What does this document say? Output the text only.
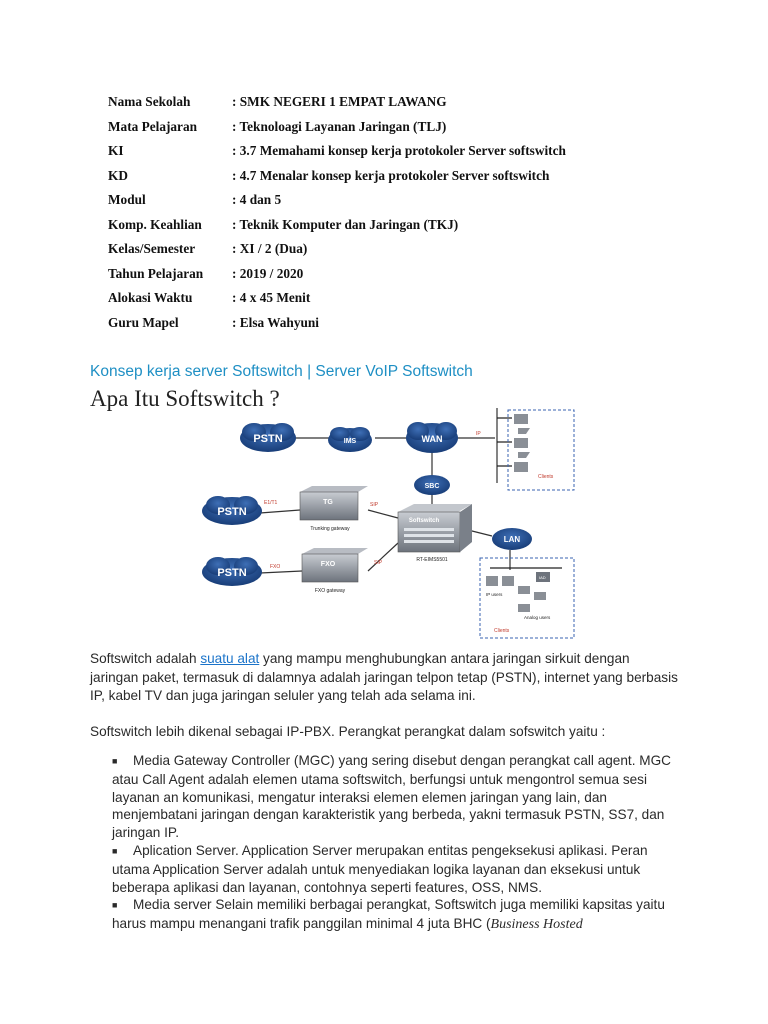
Nama Sekolah	: SMK NEGERI 1 EMPAT LAWANG
Mata Pelajaran	: Teknoloagi Layanan Jaringan (TLJ)
KI	: 3.7 Memahami konsep kerja protokoler Server softswitch
KD	: 4.7 Menalar konsep kerja protokoler Server softswitch
Modul	: 4 dan 5
Komp. Keahlian	: Teknik Komputer dan Jaringan (TKJ)
Kelas/Semester	: XI / 2 (Dua)
Tahun Pelajaran	: 2019 / 2020
Alokasi Waktu	: 4 x 45 Menit
Guru Mapel	: Elsa Wahyuni
Konsep kerja server Softswitch | Server VoIP Softswitch
Apa Itu Softswitch ?
Clients
PSTN	IMS	WAN	IP
SBC
PSTN
PSTN
LAN
E1/T1	SIP
FXO
SIP
TG
Trunking gateway
FXO
FXO gateway
Softswitch
RT-EIMS5501
IAD
IP users
Analog users
Clients
Softswitch adalah suatu alat yang mampu menghubungkan antara jaringan sirkuit dengan jaringan paket, termasuk di dalamnya adalah jaringan telpon tetap (PSTN), internet yang berbasis IP, kabel TV dan juga jaringan seluler yang telah ada selama ini.
Softswitch lebih dikenal sebagai IP-PBX. Perangkat perangkat dalam sofswitch yaitu :
■ Media Gateway Controller (MGC) yang sering disebut dengan perangkat call agent. MGC atau Call Agent adalah elemen utama softswitch, berfungsi untuk mengontrol semua sesi layanan an komunikasi, mengatur interaksi elemen elemen jaringan yang lain, dan menjembatani jaringan dengan karakteristik yang berbeda, yakni termasuk PSTN, SS7, dan jaringan IP.
■ Aplication Server. Application Server merupakan entitas pengeksekusi aplikasi. Peran utama Application Server adalah untuk menyediakan logika layanan dan eksekusi untuk beberapa aplikasi dan layanan, contohnya seperti features, OSS, NMS.
■ Media server Selain memiliki berbagai perangkat, Softswitch juga memiliki kapsitas yaitu harus mampu menangani trafik panggilan minimal 4 juta BHC (Business Hosted
